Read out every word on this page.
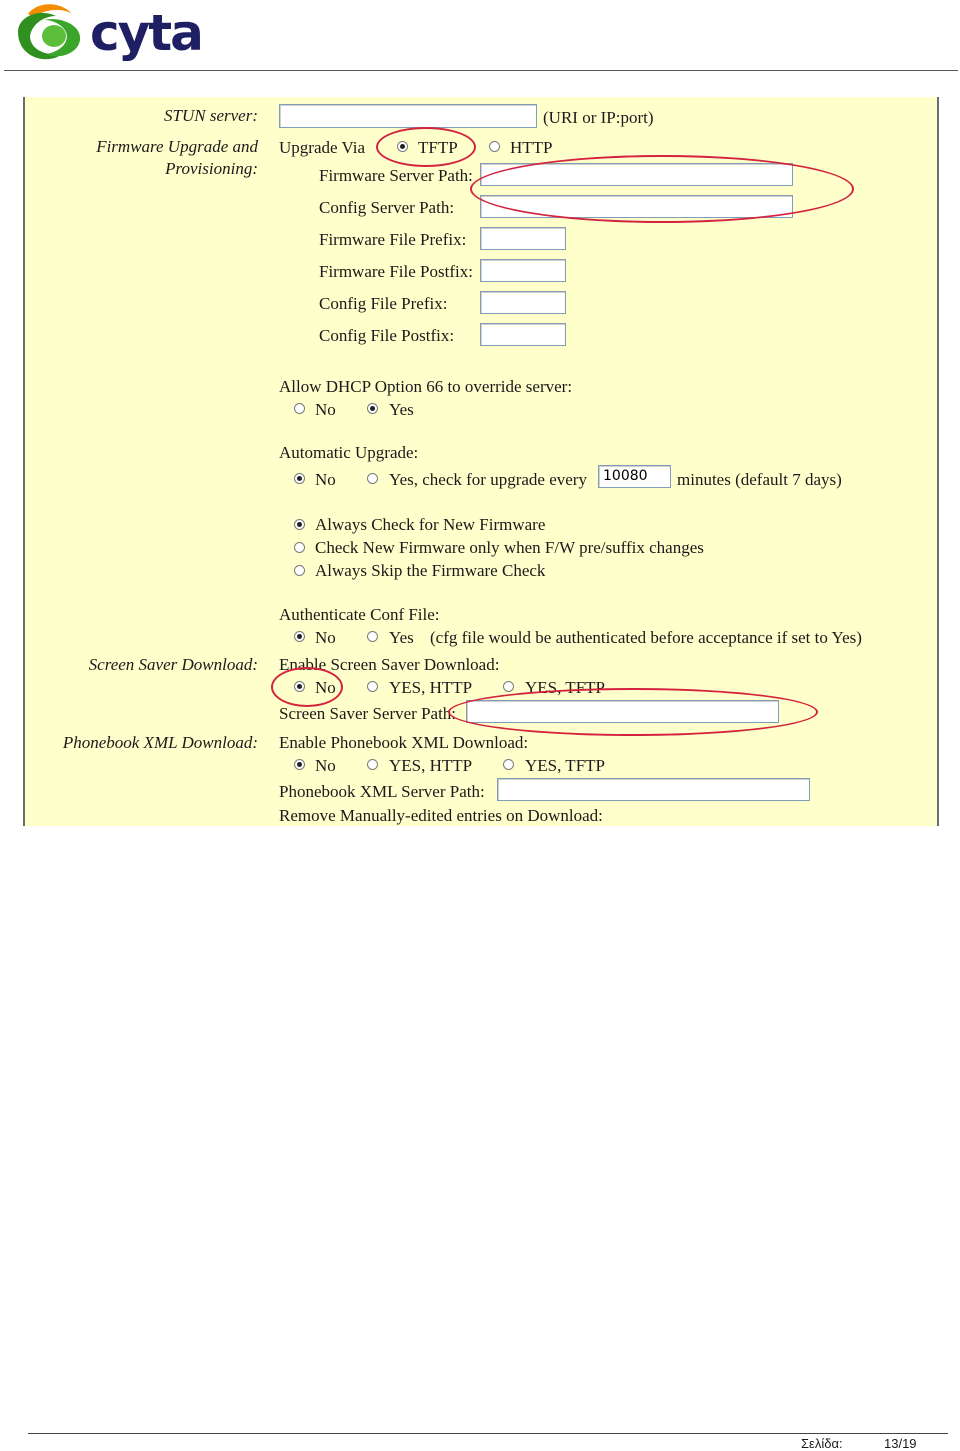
cyta
STUN server:	(URI or IP:port)
Firmware Upgrade and
Provisioning:
Upgrade Via	TFTP	HTTP
Firmware Server Path:
Config Server Path:
Firmware File Prefix:
Firmware File Postfix:
Config File Prefix:
Config File Postfix:
Allow DHCP Option 66 to override server:
No	Yes
Automatic Upgrade:
No	Yes, check for upgrade every	10080	minutes (default 7 days)
Always Check for New Firmware
Check New Firmware only when F/W pre/suffix changes
Always Skip the Firmware Check
Authenticate Conf File:
No	Yes (cfg file would be authenticated before acceptance if set to Yes)
Screen Saver Download: Enable Screen Saver Download:
No	YES, HTTP	YES, TFTP
Screen Saver Server Path:
Phonebook XML Download: Enable Phonebook XML Download:
No	YES, HTTP	YES, TFTP
Phonebook XML Server Path:
Remove Manually-edited entries on Download:
Σελίδα:	13/19
